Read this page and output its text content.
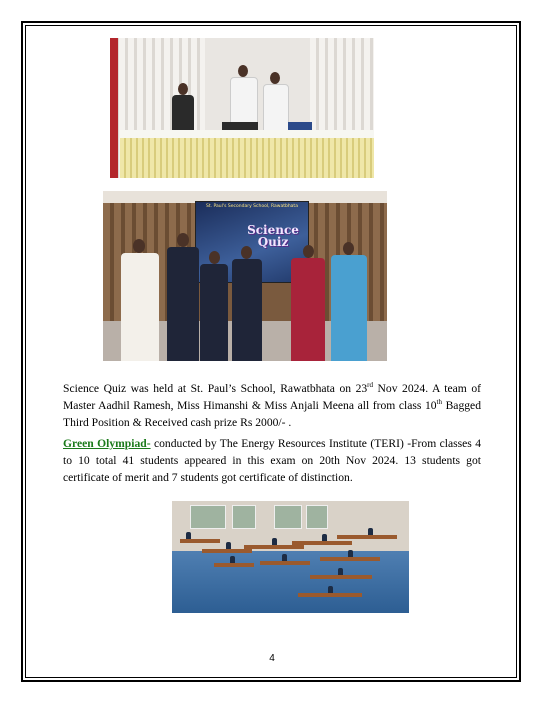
St. Paul's Secondary School, Rawatbhata
Science Quiz

Science Quiz was held at St. Paul’s School, Rawatbhata on 23rd Nov 2024. A team of Master Aadhil Ramesh, Miss Himanshi & Miss Anjali Meena all from class 10th Bagged Third Position & Received cash prize Rs 2000/- .

Green Olympiad- conducted by The Energy Resources Institute (TERI) -From classes 4 to 10 total 41 students appeared in this exam on 20th Nov 2024. 13 students got certificate of merit and 7 students got certificate of distinction.

4
